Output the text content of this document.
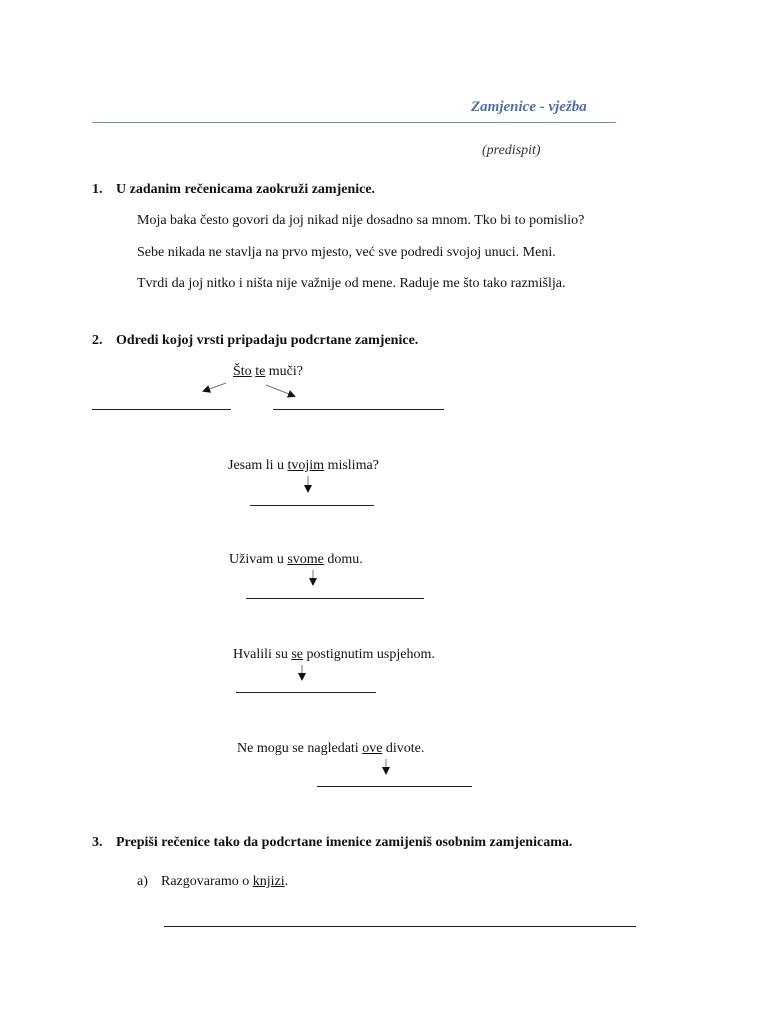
Zamjenice - vježba
(predispit)
1. U zadanim rečenicama zaokruži zamjenice.
Moja baka često govori da joj nikad nije dosadno sa mnom. Tko bi to pomislio?
Sebe nikada ne stavlja na prvo mjesto, već sve podredi svojoj unuci. Meni.
Tvrdi da joj nitko i ništa nije važnije od mene. Raduje me što tako razmišlja.
2. Odredi kojoj vrsti pripadaju podcrtane zamjenice.
Što te muči?
Jesam li u tvojim mislima?
Uživam u svome domu.
Hvalili su se postignutim uspjehom.
Ne mogu se nagledati ove divote.
3. Prepiši rečenice tako da podcrtane imenice zamijeniš osobnim zamjenicama.
a) Razgovaramo o knjizi.
